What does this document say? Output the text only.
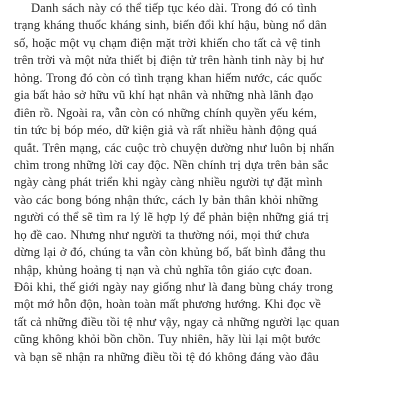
Danh sách này có thể tiếp tục kéo dài. Trong đó có tình
trạng kháng thuốc kháng sinh, biến đổi khí hậu, bùng nổ dân
số, hoặc một vụ chạm điện mặt trời khiến cho tất cả vệ tinh
trên trời và một nửa thiết bị điện tử trên hành tinh này bị hư
hỏng. Trong đó còn có tình trạng khan hiếm nước, các quốc
gia bất hảo sở hữu vũ khí hạt nhân và những nhà lãnh đạo
điên rồ. Ngoài ra, vẫn còn có những chính quyền yếu kém,
tin tức bị bóp méo, dữ kiện giả và rất nhiều hành động quá
quắt. Trên mạng, các cuộc trò chuyện dường như luôn bị nhấn
chìm trong những lời cay độc. Nền chính trị dựa trên bản sắc
ngày càng phát triển khi ngày càng nhiều người tự đặt mình
vào các bong bóng nhận thức, cách ly bản thân khỏi những
người có thể sẽ tìm ra lý lẽ hợp lý để phản biện những giá trị
họ đề cao. Nhưng như người ta thường nói, mọi thứ chưa
dừng lại ở đó, chúng ta vẫn còn khủng bố, bất bình đẳng thu
nhập, khủng hoảng tị nạn và chủ nghĩa tôn giáo cực đoan.
Đôi khi, thế giới ngày nay giống như là đang bùng cháy trong
một mớ hỗn độn, hoàn toàn mất phương hướng. Khi đọc về
tất cả những điều tồi tệ như vậy, ngay cả những người lạc quan
cũng không khỏi bồn chồn. Tuy nhiên, hãy lùi lại một bước
và bạn sẽ nhận ra những điều tồi tệ đó không đáng vào đâu
